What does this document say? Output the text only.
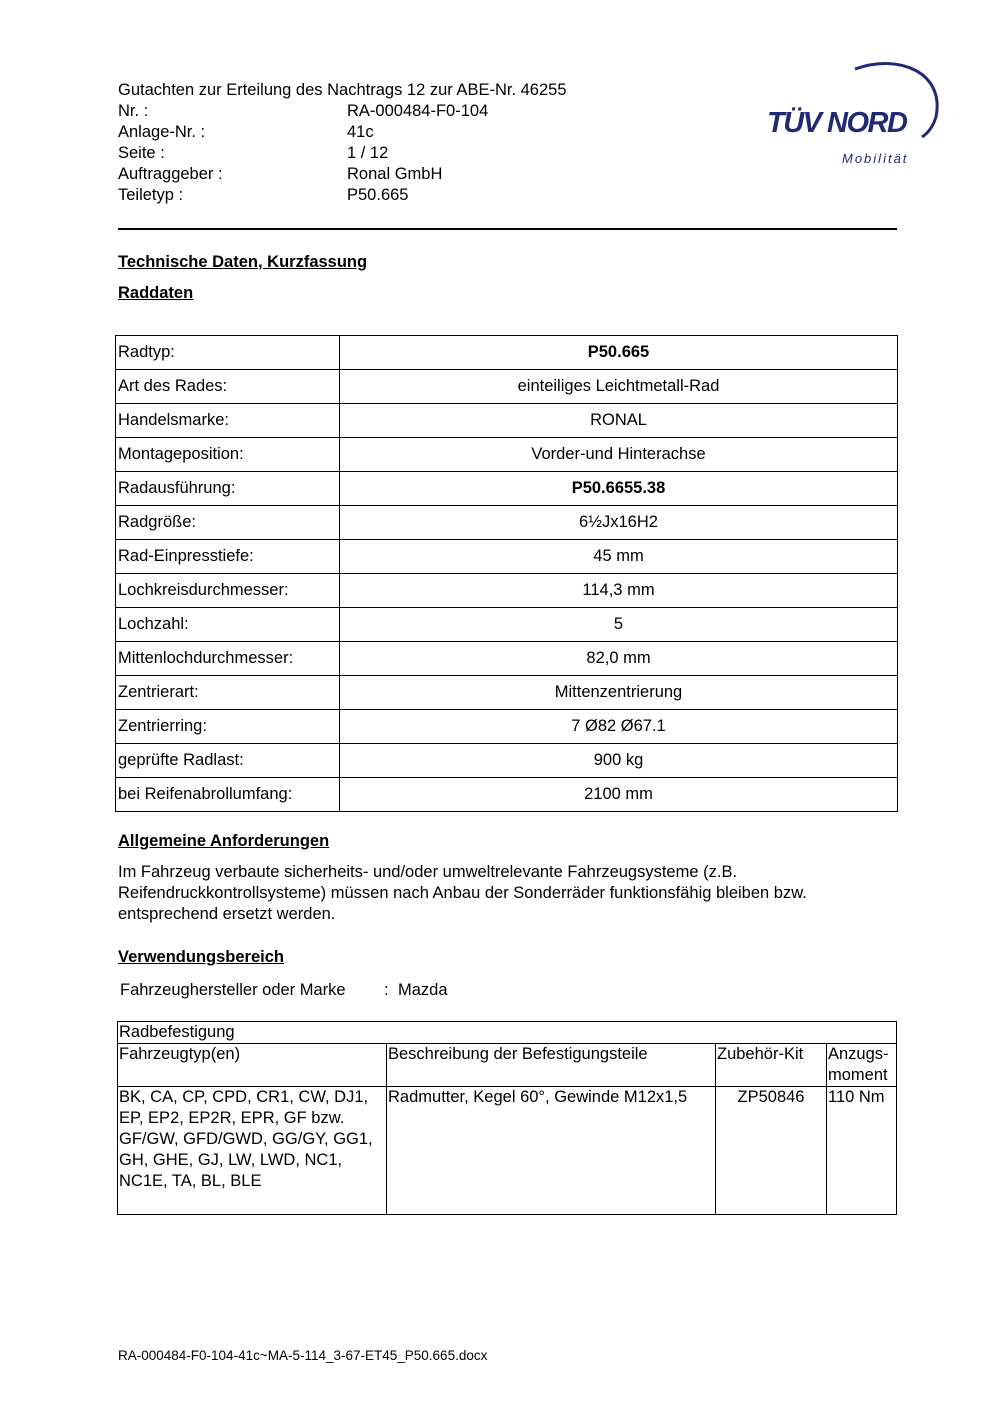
Gutachten zur Erteilung des Nachtrags 12 zur ABE-Nr. 46255
Nr. :	RA-000484-F0-104
Anlage-Nr. :	41c
Seite :	1 / 12
Auftraggeber :	Ronal GmbH
Teiletyp :	P50.665
TÜV NORD
Mobilität
Technische Daten, Kurzfassung
Raddaten
Radtyp:	P50.665
Art des Rades:	einteiliges Leichtmetall-Rad
Handelsmarke:	RONAL
Montageposition:	Vorder-und Hinterachse
Radausführung:	P50.6655.38
Radgröße:	6½Jx16H2
Rad-Einpresstiefe:	45 mm
Lochkreisdurchmesser:	114,3 mm
Lochzahl:	5
Mittenlochdurchmesser:	82,0 mm
Zentrierart:	Mittenzentrierung
Zentrierring:	7 Ø82 Ø67.1
geprüfte Radlast:	900 kg
bei Reifenabrollumfang:	2100 mm
Allgemeine Anforderungen
Im Fahrzeug verbaute sicherheits- und/oder umweltrelevante Fahrzeugsysteme (z.B. Reifendruckkontrollsysteme) müssen nach Anbau der Sonderräder funktionsfähig bleiben bzw. entsprechend ersetzt werden.
Verwendungsbereich
Fahrzeughersteller oder Marke : Mazda
Radbefestigung			
Fahrzeugtyp(en)	Beschreibung der Befestigungsteile	Zubehör-Kit	Anzugs-moment
BK, CA, CP, CPD, CR1, CW, DJ1, EP, EP2, EP2R, EPR, GF bzw. GF/GW, GFD/GWD, GG/GY, GG1, GH, GHE, GJ, LW, LWD, NC1, NC1E, TA, BL, BLE	Radmutter, Kegel 60°, Gewinde M12x1,5	ZP50846	110 Nm
RA-000484-F0-104-41c~MA-5-114_3-67-ET45_P50.665.docx
